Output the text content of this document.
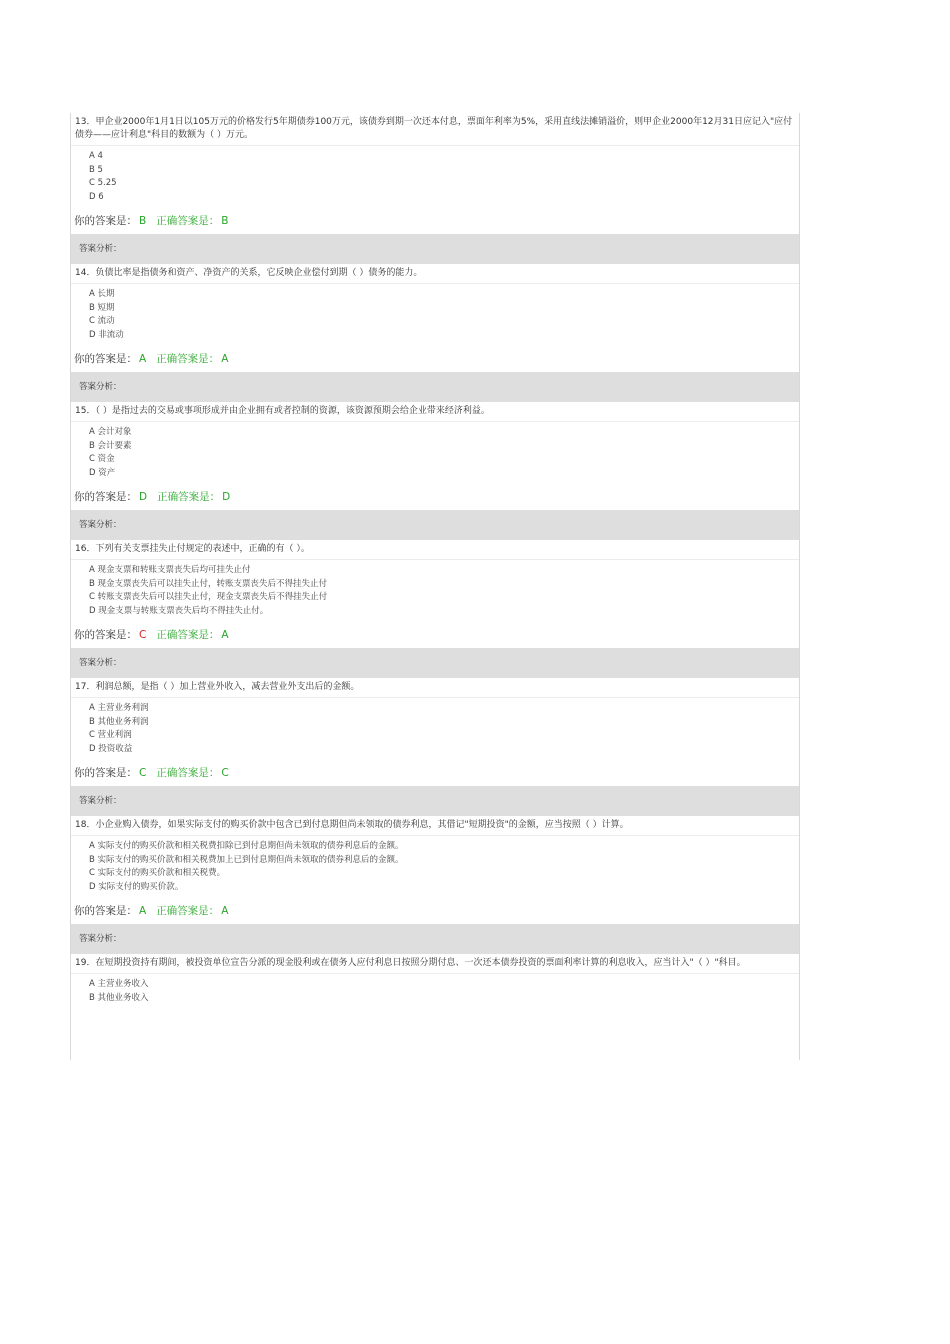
13．甲企业2000年1月1日以105万元的价格发行5年期债券100万元，该债券到期一次还本付息，票面年利率为5%，采用直线法摊销溢价，则甲企业2000年12月31日应记入"应付债券——应计利息"科目的数额为（ ）万元。
A 4
B 5
C 5.25
D 6
你的答案是： B 正确答案是： B
答案分析：
14．负债比率是指债务和资产、净资产的关系，它反映企业偿付到期（ ）债务的能力。
A 长期
B 短期
C 流动
D 非流动
你的答案是： A 正确答案是： A
答案分析：
15．（ ）是指过去的交易或事项形成并由企业拥有或者控制的资源，该资源预期会给企业带来经济利益。
A 会计对象
B 会计要素
C 资金
D 资产
你的答案是： D 正确答案是： D
答案分析：
16．下列有关支票挂失止付规定的表述中，正确的有（ ）。
A 现金支票和转账支票丧失后均可挂失止付
B 现金支票丧失后可以挂失止付，转账支票丧失后不得挂失止付
C 转账支票丧失后可以挂失止付，现金支票丧失后不得挂失止付
D 现金支票与转账支票丧失后均不得挂失止付。
你的答案是： C 正确答案是： A
答案分析：
17．利润总额，是指（ ）加上营业外收入，减去营业外支出后的金额。
A 主营业务利润
B 其他业务利润
C 营业利润
D 投资收益
你的答案是： C 正确答案是： C
答案分析：
18．小企业购入债券，如果实际支付的购买价款中包含已到付息期但尚未领取的债券利息，其借记"短期投资"的金额，应当按照（ ）计算。
A 实际支付的购买价款和相关税费扣除已到付息期但尚未领取的债券利息后的金额。
B 实际支付的购买价款和相关税费加上已到付息期但尚未领取的债券利息后的金额。
C 实际支付的购买价款和相关税费。
D 实际支付的购买价款。
你的答案是： A 正确答案是： A
答案分析：
19．在短期投资持有期间，被投资单位宣告分派的现金股利或在债务人应付利息日按照分期付息、一次还本债券投资的票面利率计算的利息收入，应当计入"（ ）"科目。
A 主营业务收入
B 其他业务收入
